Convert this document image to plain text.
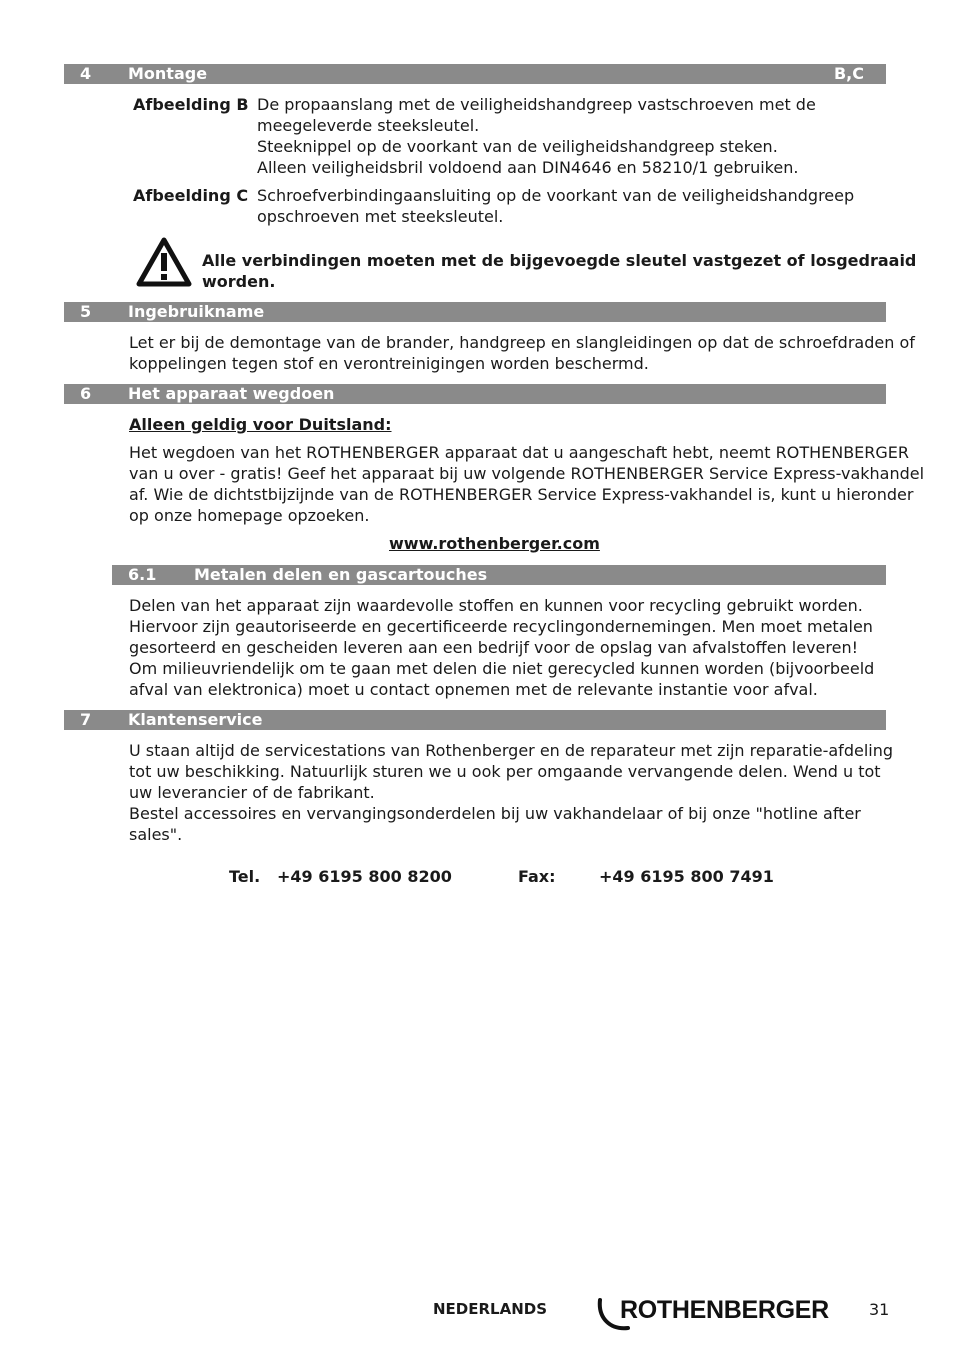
4 Montage	B,C
Afbeelding B De propaanslang met de veiligheidshandgreep vastschroeven met de
meegeleverde steeksleutel.
Steeknippel op de voorkant van de veiligheidshandgreep steken.
Alleen veiligheidsbril voldoend aan DIN4646 en 58210/1 gebruiken.
Afbeelding C Schroefverbindingaansluiting op de voorkant van de veiligheidshandgreep
opschroeven met steeksleutel.
Alle verbindingen moeten met de bijgevoegde sleutel vastgezet of losgedraaid
worden.
5 Ingebruikname
Let er bij de demontage van de brander, handgreep en slangleidingen op dat de schroefdraden of
koppelingen tegen stof en verontreinigingen worden beschermd.
6 Het apparaat wegdoen
Alleen geldig voor Duitsland:
Het wegdoen van het ROTHENBERGER apparaat dat u aangeschaft hebt, neemt ROTHENBERGER
van u over - gratis! Geef het apparaat bij uw volgende ROTHENBERGER Service Express-vakhandel
af. Wie de dichtstbijzijnde van de ROTHENBERGER Service Express-vakhandel is, kunt u hieronder
op onze homepage opzoeken.
www.rothenberger.com
6.1 Metalen delen en gascartouches
Delen van het apparaat zijn waardevolle stoffen en kunnen voor recycling gebruikt worden.
Hiervoor zijn geautoriseerde en gecertificeerde recyclingondernemingen. Men moet metalen
gesorteerd en gescheiden leveren aan een bedrijf voor de opslag van afvalstoffen leveren!
Om milieuvriendelijk om te gaan met delen die niet gerecycled kunnen worden (bijvoorbeeld
afval van elektronica) moet u contact opnemen met de relevante instantie voor afval.
7 Klantenservice
U staan altijd de servicestations van Rothenberger en de reparateur met zijn reparatie-afdeling
tot uw beschikking. Natuurlijk sturen we u ook per omgaande vervangende delen. Wend u tot
uw leverancier of de fabrikant.
Bestel accessoires en vervangingsonderdelen bij uw vakhandelaar of bij onze "hotline after
sales".
Tel. +49 6195 800 8200	Fax:	+49 6195 800 7491
NEDERLANDS	ROTHENBERGER	31
